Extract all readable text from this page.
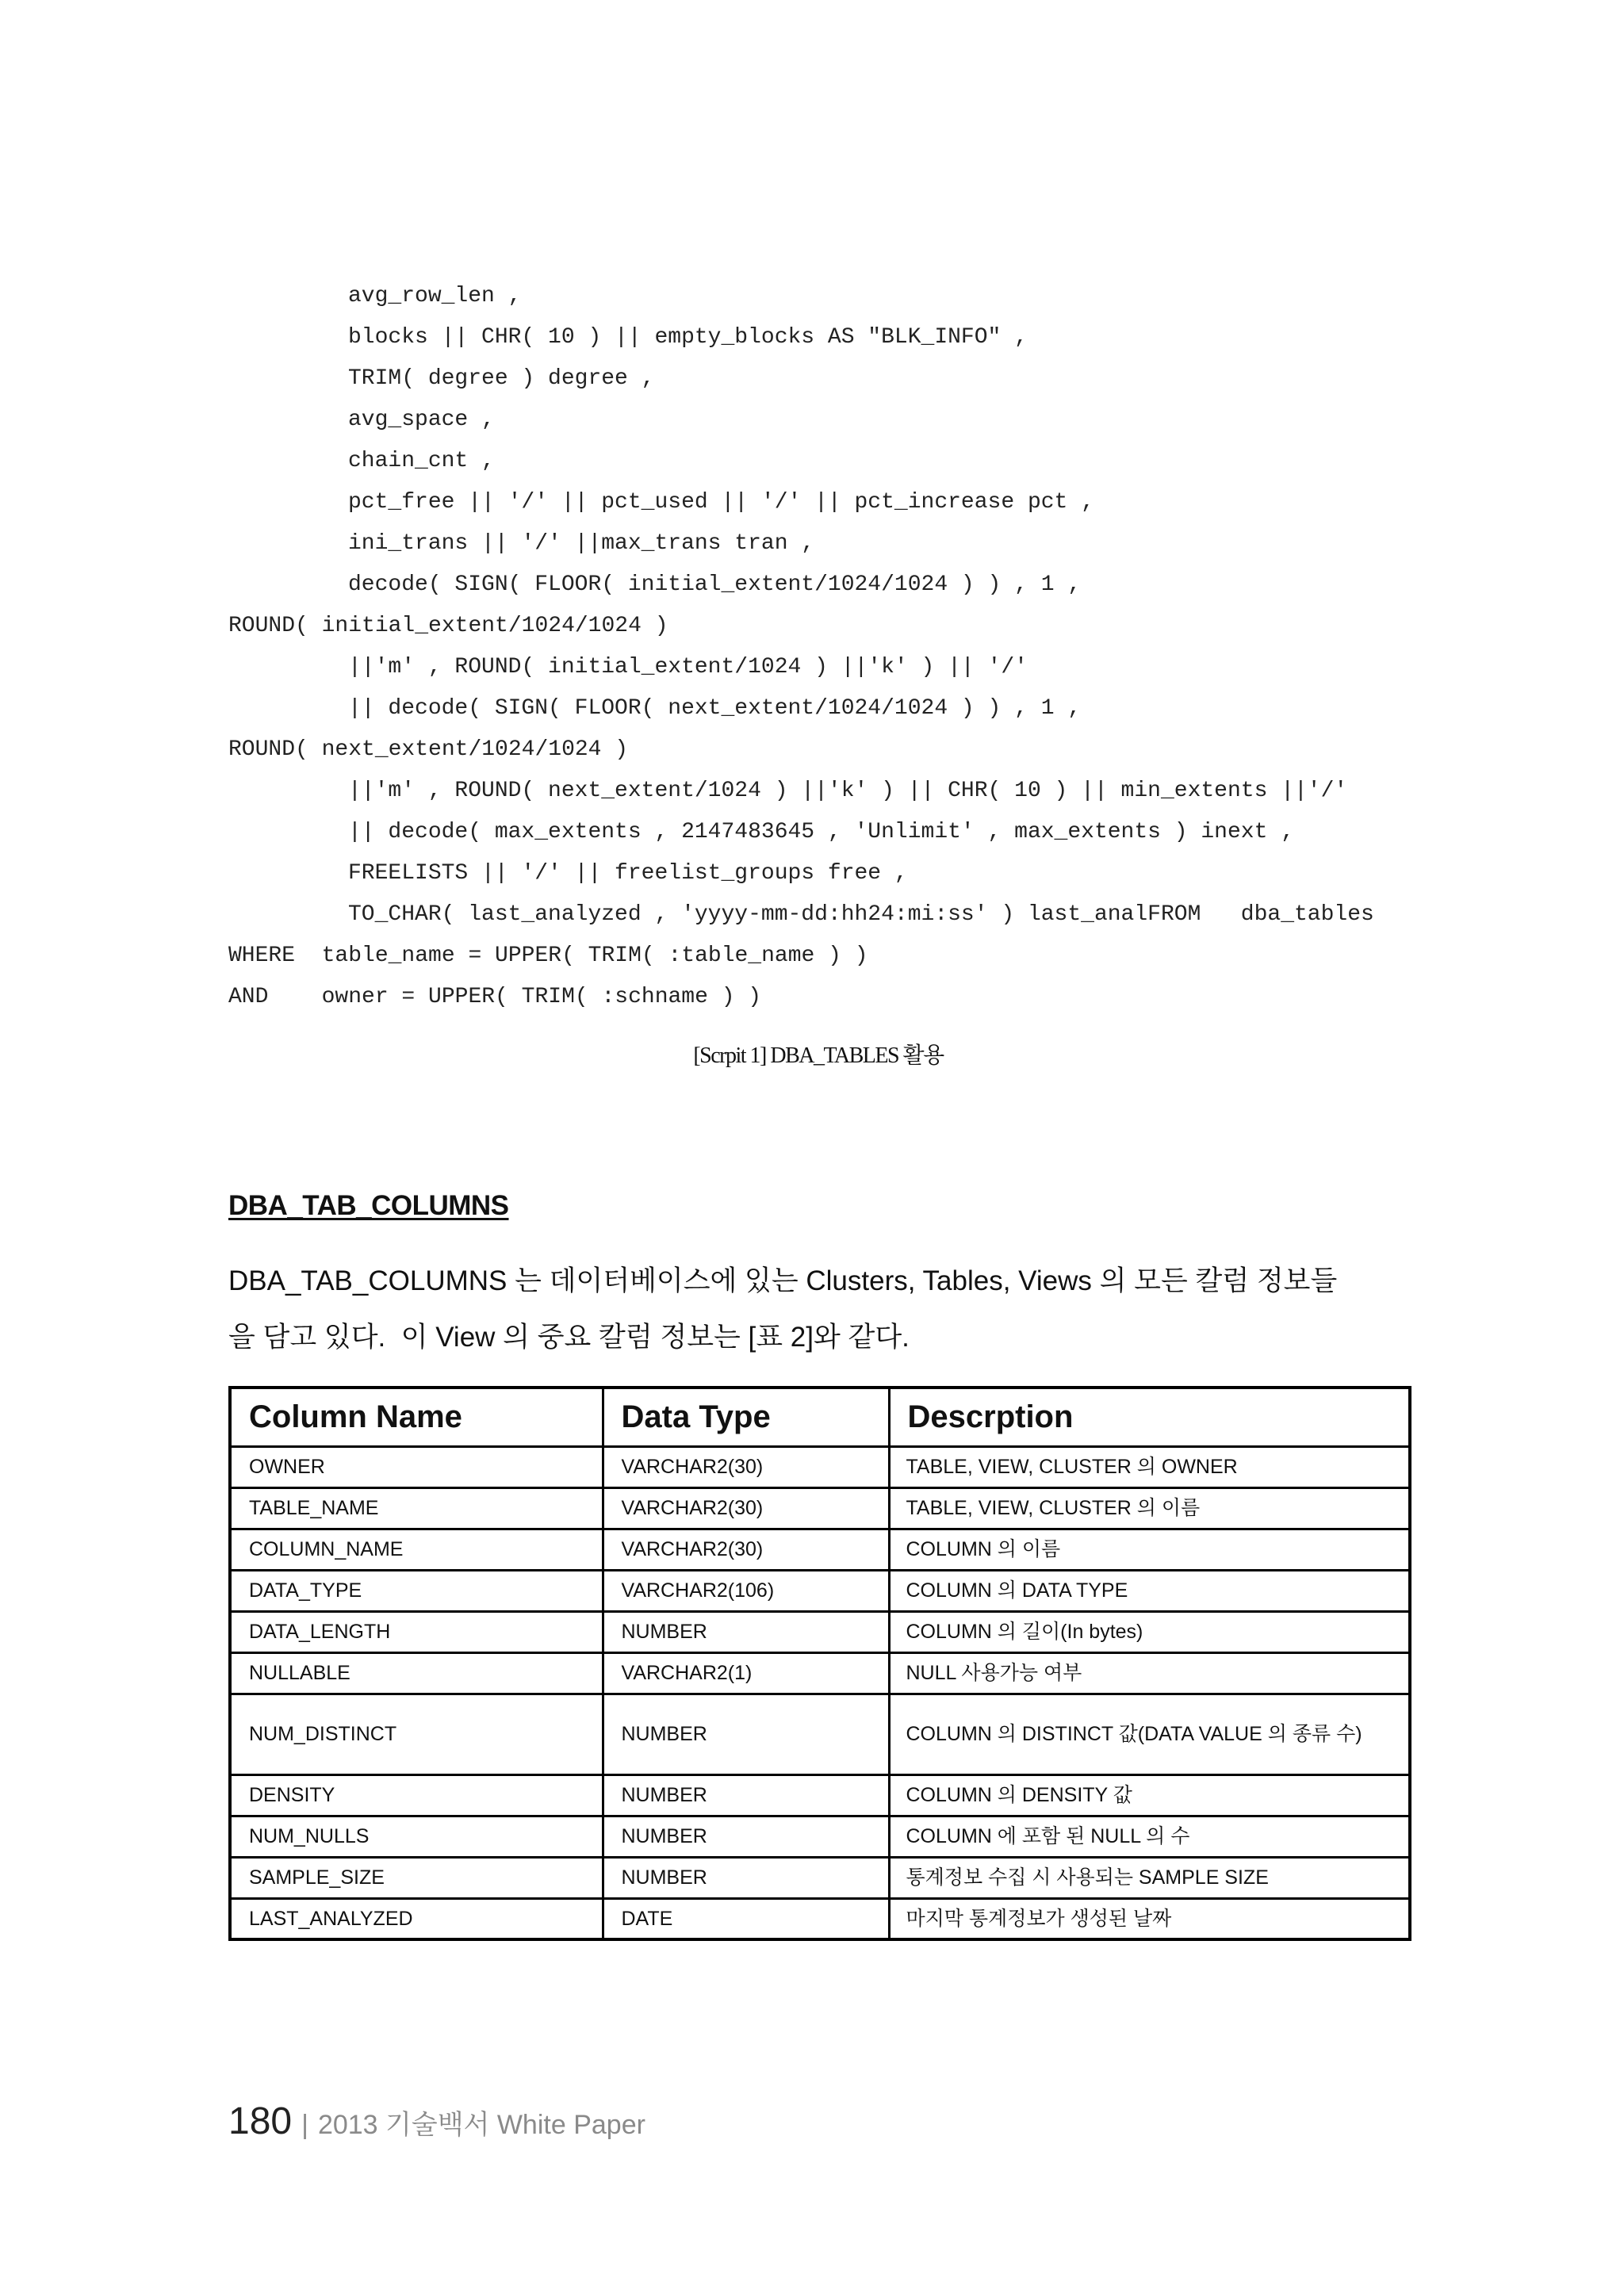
avg_row_len ,
blocks || CHR( 10 ) || empty_blocks AS "BLK_INFO" ,
TRIM( degree ) degree ,
avg_space ,
chain_cnt ,
pct_free || '/' || pct_used || '/' || pct_increase pct ,
ini_trans || '/' ||max_trans tran ,
decode( SIGN( FLOOR( initial_extent/1024/1024 ) ) , 1 ,
ROUND( initial_extent/1024/1024 )
||'m' , ROUND( initial_extent/1024 ) ||'k' ) || '/'
|| decode( SIGN( FLOOR( next_extent/1024/1024 ) ) , 1 ,
ROUND( next_extent/1024/1024 )
||'m' , ROUND( next_extent/1024 ) ||'k' ) || CHR( 10 ) || min_extents ||'/'
|| decode( max_extents , 2147483645 , 'Unlimit' , max_extents ) inext ,
FREELISTS || '/' || freelist_groups free ,
TO_CHAR( last_analyzed , 'yyyy-mm-dd:hh24:mi:ss' ) last_analFROM   dba_tables
WHERE  table_name = UPPER( TRIM( :table_name ) )
AND    owner = UPPER( TRIM( :schname ) )
[Scrpit 1] DBA_TABLES 활용
DBA_TAB_COLUMNS
DBA_TAB_COLUMNS 는 데이터베이스에 있는 Clusters, Tables, Views 의 모든 칼럼 정보들
을 담고 있다.  이 View 의 중요 칼럼 정보는 [표 2]와 같다.
Column Name	Data Type	Descrption
OWNER	VARCHAR2(30)	TABLE, VIEW, CLUSTER 의 OWNER
TABLE_NAME	VARCHAR2(30)	TABLE, VIEW, CLUSTER 의 이름
COLUMN_NAME	VARCHAR2(30)	COLUMN 의 이름
DATA_TYPE	VARCHAR2(106)	COLUMN 의 DATA TYPE
DATA_LENGTH	NUMBER	COLUMN 의 길이(In bytes)
NULLABLE	VARCHAR2(1)	NULL 사용가능 여부
NUM_DISTINCT	NUMBER	COLUMN 의 DISTINCT 값(DATA VALUE 의 종류 수)
DENSITY	NUMBER	COLUMN 의 DENSITY 값
NUM_NULLS	NUMBER	COLUMN 에 포함 된 NULL 의 수
SAMPLE_SIZE	NUMBER	통계정보 수집 시 사용되는 SAMPLE SIZE
LAST_ANALYZED	DATE	마지막 통계정보가 생성된 날짜
180 | 2013 기술백서 White Paper
